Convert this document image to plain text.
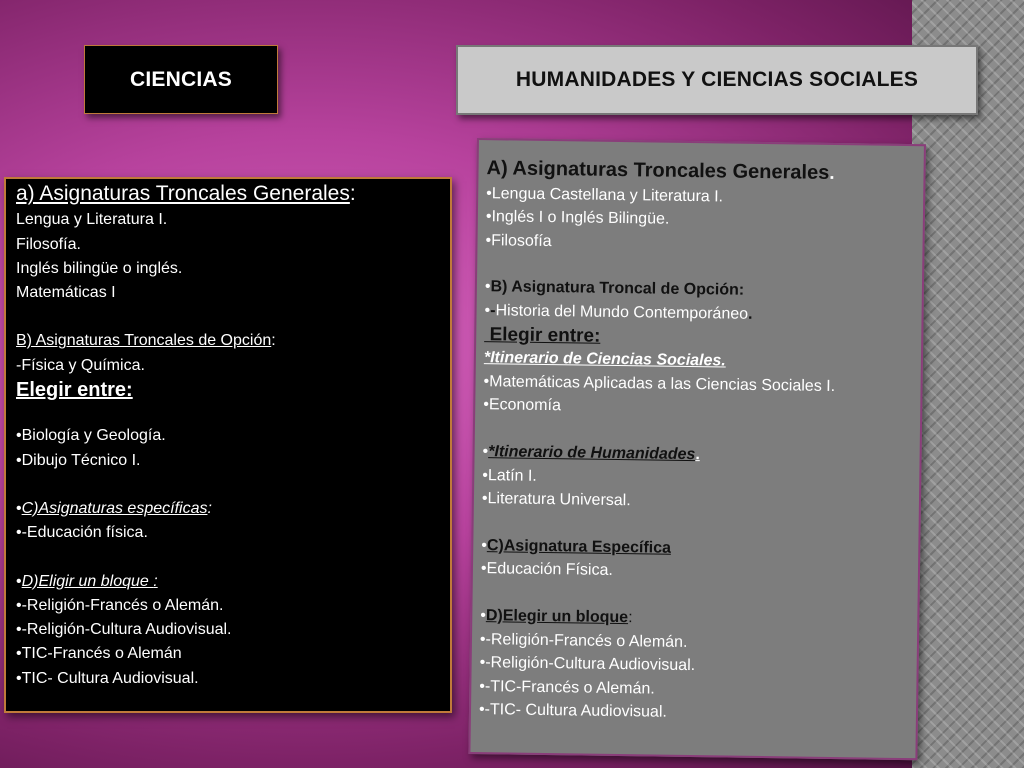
CIENCIAS	HUMANIDADES Y CIENCIAS SOCIALES
a) Asignaturas Troncales Generales:
Lengua y Literatura I.
Filosofía.
Inglés bilingüe o inglés.
Matemáticas I
B) Asignaturas Troncales de Opción:
-Física y Química.
Elegir entre:
•Biología y Geología.
•Dibujo Técnico I.
•C)Asignaturas específicas:
•-Educación física.
•D)Eligir un bloque :
•-Religión-Francés o Alemán.
•-Religión-Cultura Audiovisual.
•TIC-Francés o Alemán
•TIC- Cultura Audiovisual.
A) Asignaturas Troncales Generales.
•Lengua Castellana y Literatura I.
•Inglés I o Inglés Bilingüe.
•Filosofía
•B) Asignatura Troncal de Opción:
•-Historia del Mundo Contemporáneo.
Elegir entre:
*Itinerario de Ciencias Sociales.
•Matemáticas Aplicadas a las Ciencias Sociales I.
•Economía
•*Itinerario de Humanidades.
•Latín I.
•Literatura Universal.
•C)Asignatura Específica
•Educación Física.
•D)Elegir un bloque:
•-Religión-Francés o Alemán.
•-Religión-Cultura Audiovisual.
•-TIC-Francés o Alemán.
•-TIC- Cultura Audiovisual.
